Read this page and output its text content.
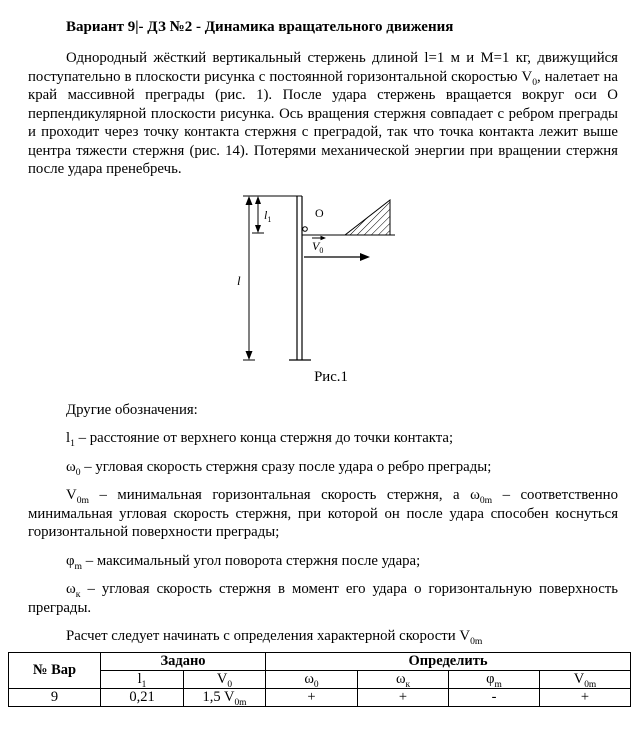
Вариант 9|- ДЗ №2 - Динамика вращательного движения

Однородный жёсткий вертикальный стержень длиной l=1 м и М=1 кг, движущийся поступательно в плоскости рисунка с постоянной горизонтальной скоростью $V_0$, налетает на край массивной преграды (рис. 1). После удара стержень вращается вокруг оси О перпендикулярной плоскости рисунка. Ось вращения стержня совпадает с ребром преграды и проходит через точку контакта стержня с преградой, так что точка контакта лежит выше центра тяжести стержня (рис. 14). Потерями механической энергии при вращении стержня после удара пренебречь.

l
$l_1$	O
$V_0$
Рис.1

Другие обозначения:

$l_1$ – расстояние от верхнего конца стержня до точки контакта;

$\omega_0$ – угловая скорость стержня сразу после удара о ребро преграды;

$V_{0m}$ – минимальная горизонтальная скорость стержня, а $\omega_{0m}$ – соответственно минимальная угловая скорость стержня, при которой он после удара способен коснуться горизонтальной поверхности преграды;

$\varphi_m$ – максимальный угол поворота стержня после удара;

$\omega_к$ – угловая скорость стержня в момент его удара о горизонтальную поверхность преграды.

Расчет следует начинать с определения характерной скорости $V_{0m}$

№ Вар	Задано		Определить			
	$l_1$	$V_0$	$\omega_0$	$\omega_к$	$\varphi_m$	$V_{0m}$
9	0,21	1,5 $V_{0m}$	+	+	-	+
